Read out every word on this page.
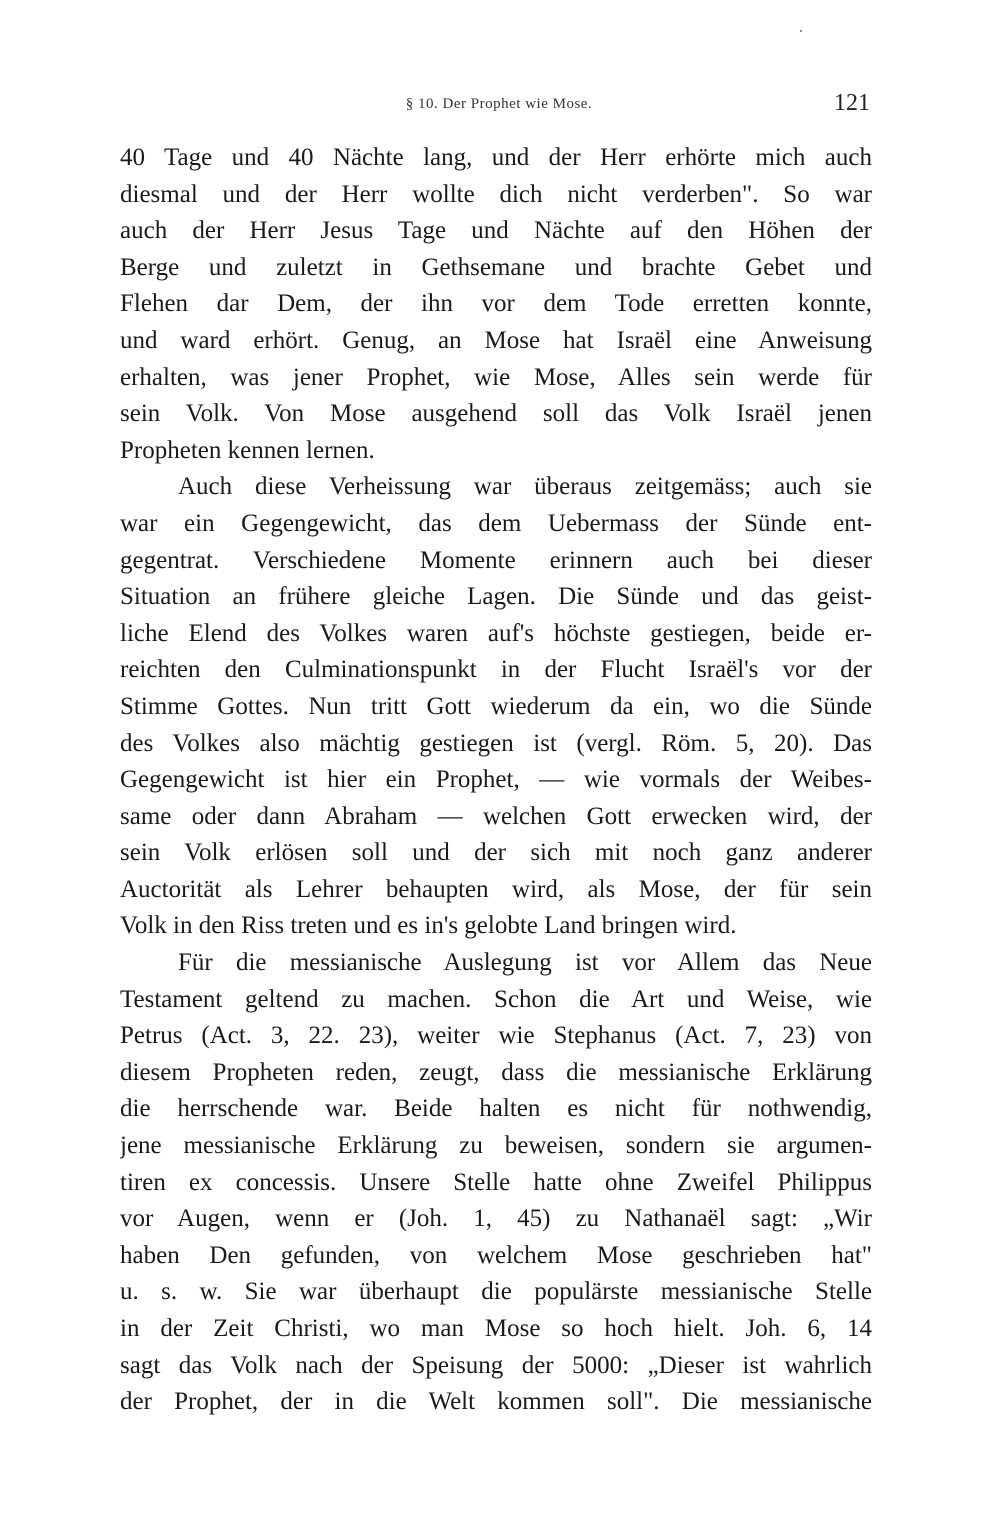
§ 10. Der Prophet wie Mose.	121
40 Tage und 40 Nächte lang, und der Herr erhörte mich auch
diesmal und der Herr wollte dich nicht verderben". So war
auch der Herr Jesus Tage und Nächte auf den Höhen der
Berge und zuletzt in Gethsemane und brachte Gebet und
Flehen dar Dem, der ihn vor dem Tode erretten konnte,
und ward erhört. Genug, an Mose hat Israël eine Anweisung
erhalten, was jener Prophet, wie Mose, Alles sein werde für
sein Volk. Von Mose ausgehend soll das Volk Israël jenen
Propheten kennen lernen.
Auch diese Verheissung war überaus zeitgemäss; auch sie
war ein Gegengewicht, das dem Uebermass der Sünde ent-
gegentrat. Verschiedene Momente erinnern auch bei dieser
Situation an frühere gleiche Lagen. Die Sünde und das geist-
liche Elend des Volkes waren auf's höchste gestiegen, beide er-
reichten den Culminationspunkt in der Flucht Israël's vor der
Stimme Gottes. Nun tritt Gott wiederum da ein, wo die Sünde
des Volkes also mächtig gestiegen ist (vergl. Röm. 5, 20). Das
Gegengewicht ist hier ein Prophet, — wie vormals der Weibes-
same oder dann Abraham — welchen Gott erwecken wird, der
sein Volk erlösen soll und der sich mit noch ganz anderer
Auctorität als Lehrer behaupten wird, als Mose, der für sein
Volk in den Riss treten und es in's gelobte Land bringen wird.
Für die messianische Auslegung ist vor Allem das Neue
Testament geltend zu machen. Schon die Art und Weise, wie
Petrus (Act. 3, 22. 23), weiter wie Stephanus (Act. 7, 23) von
diesem Propheten reden, zeugt, dass die messianische Erklärung
die herrschende war. Beide halten es nicht für nothwendig,
jene messianische Erklärung zu beweisen, sondern sie argumen-
tiren ex concessis. Unsere Stelle hatte ohne Zweifel Philippus
vor Augen, wenn er (Joh. 1, 45) zu Nathanaël sagt: „Wir
haben Den gefunden, von welchem Mose geschrieben hat"
u. s. w. Sie war überhaupt die populärste messianische Stelle
in der Zeit Christi, wo man Mose so hoch hielt. Joh. 6, 14
sagt das Volk nach der Speisung der 5000: „Dieser ist wahrlich
der Prophet, der in die Welt kommen soll". Die messianische
